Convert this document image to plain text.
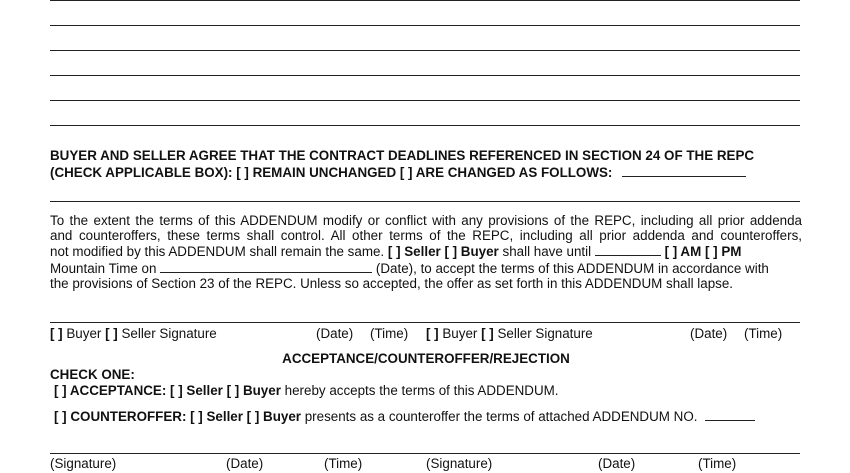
BUYER AND SELLER AGREE THAT THE CONTRACT DEADLINES REFERENCED IN SECTION 24 OF THE REPC
(CHECK APPLICABLE BOX): [ ] REMAIN UNCHANGED [ ] ARE CHANGED AS FOLLOWS:
To the extent the terms of this ADDENDUM modify or conflict with any provisions of the REPC, including all prior addenda
and counteroffers, these terms shall control. All other terms of the REPC, including all prior addenda and counteroffers,
not modified by this ADDENDUM shall remain the same. [ ] Seller [ ] Buyer shall have until	[ ] AM [ ] PM
Mountain Time on	(Date), to accept the terms of this ADDENDUM in accordance with
the provisions of Section 23 of the REPC. Unless so accepted, the offer as set forth in this ADDENDUM shall lapse.
[ ] Buyer [ ] Seller Signature	(Date) (Time) [ ] Buyer [ ] Seller Signature	(Date) (Time)
ACCEPTANCE/COUNTEROFFER/REJECTION
CHECK ONE:
[ ] ACCEPTANCE: [ ] Seller [ ] Buyer hereby accepts the terms of this ADDENDUM.
[ ] COUNTEROFFER: [ ] Seller [ ] Buyer presents as a counteroffer the terms of attached ADDENDUM NO.
(Signature)	(Date)	(Time)	(Signature)	(Date)	(Time)
